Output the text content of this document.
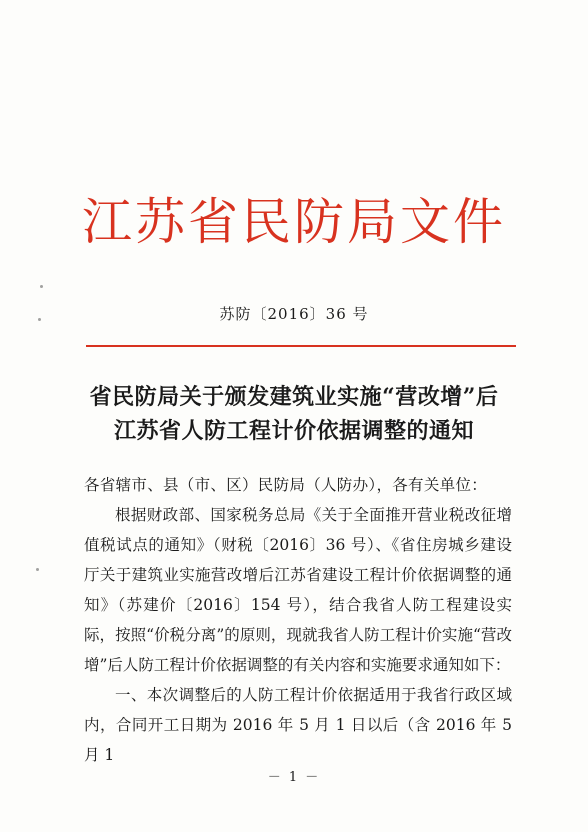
江苏省民防局文件
苏防〔2016〕36 号
省民防局关于颁发建筑业实施“营改增”后
江苏省人防工程计价依据调整的通知

各省辖市、县（市、区）民防局（人防办），各有关单位：

根据财政部、国家税务总局《关于全面推开营业税改征增值税试点的通知》（财税〔2016〕36 号）、《省住房城乡建设厅关于建筑业实施营改增后江苏省建设工程计价依据调整的通知》（苏建价〔2016〕154 号），结合我省人防工程建设实际，按照“价税分离”的原则，现就我省人防工程计价实施“营改增”后人防工程计价依据调整的有关内容和实施要求通知如下：

一、本次调整后的人防工程计价依据适用于我省行政区域内，合同开工日期为 2016 年 5 月 1 日以后（含 2016 年 5 月 1

－ 1 －
